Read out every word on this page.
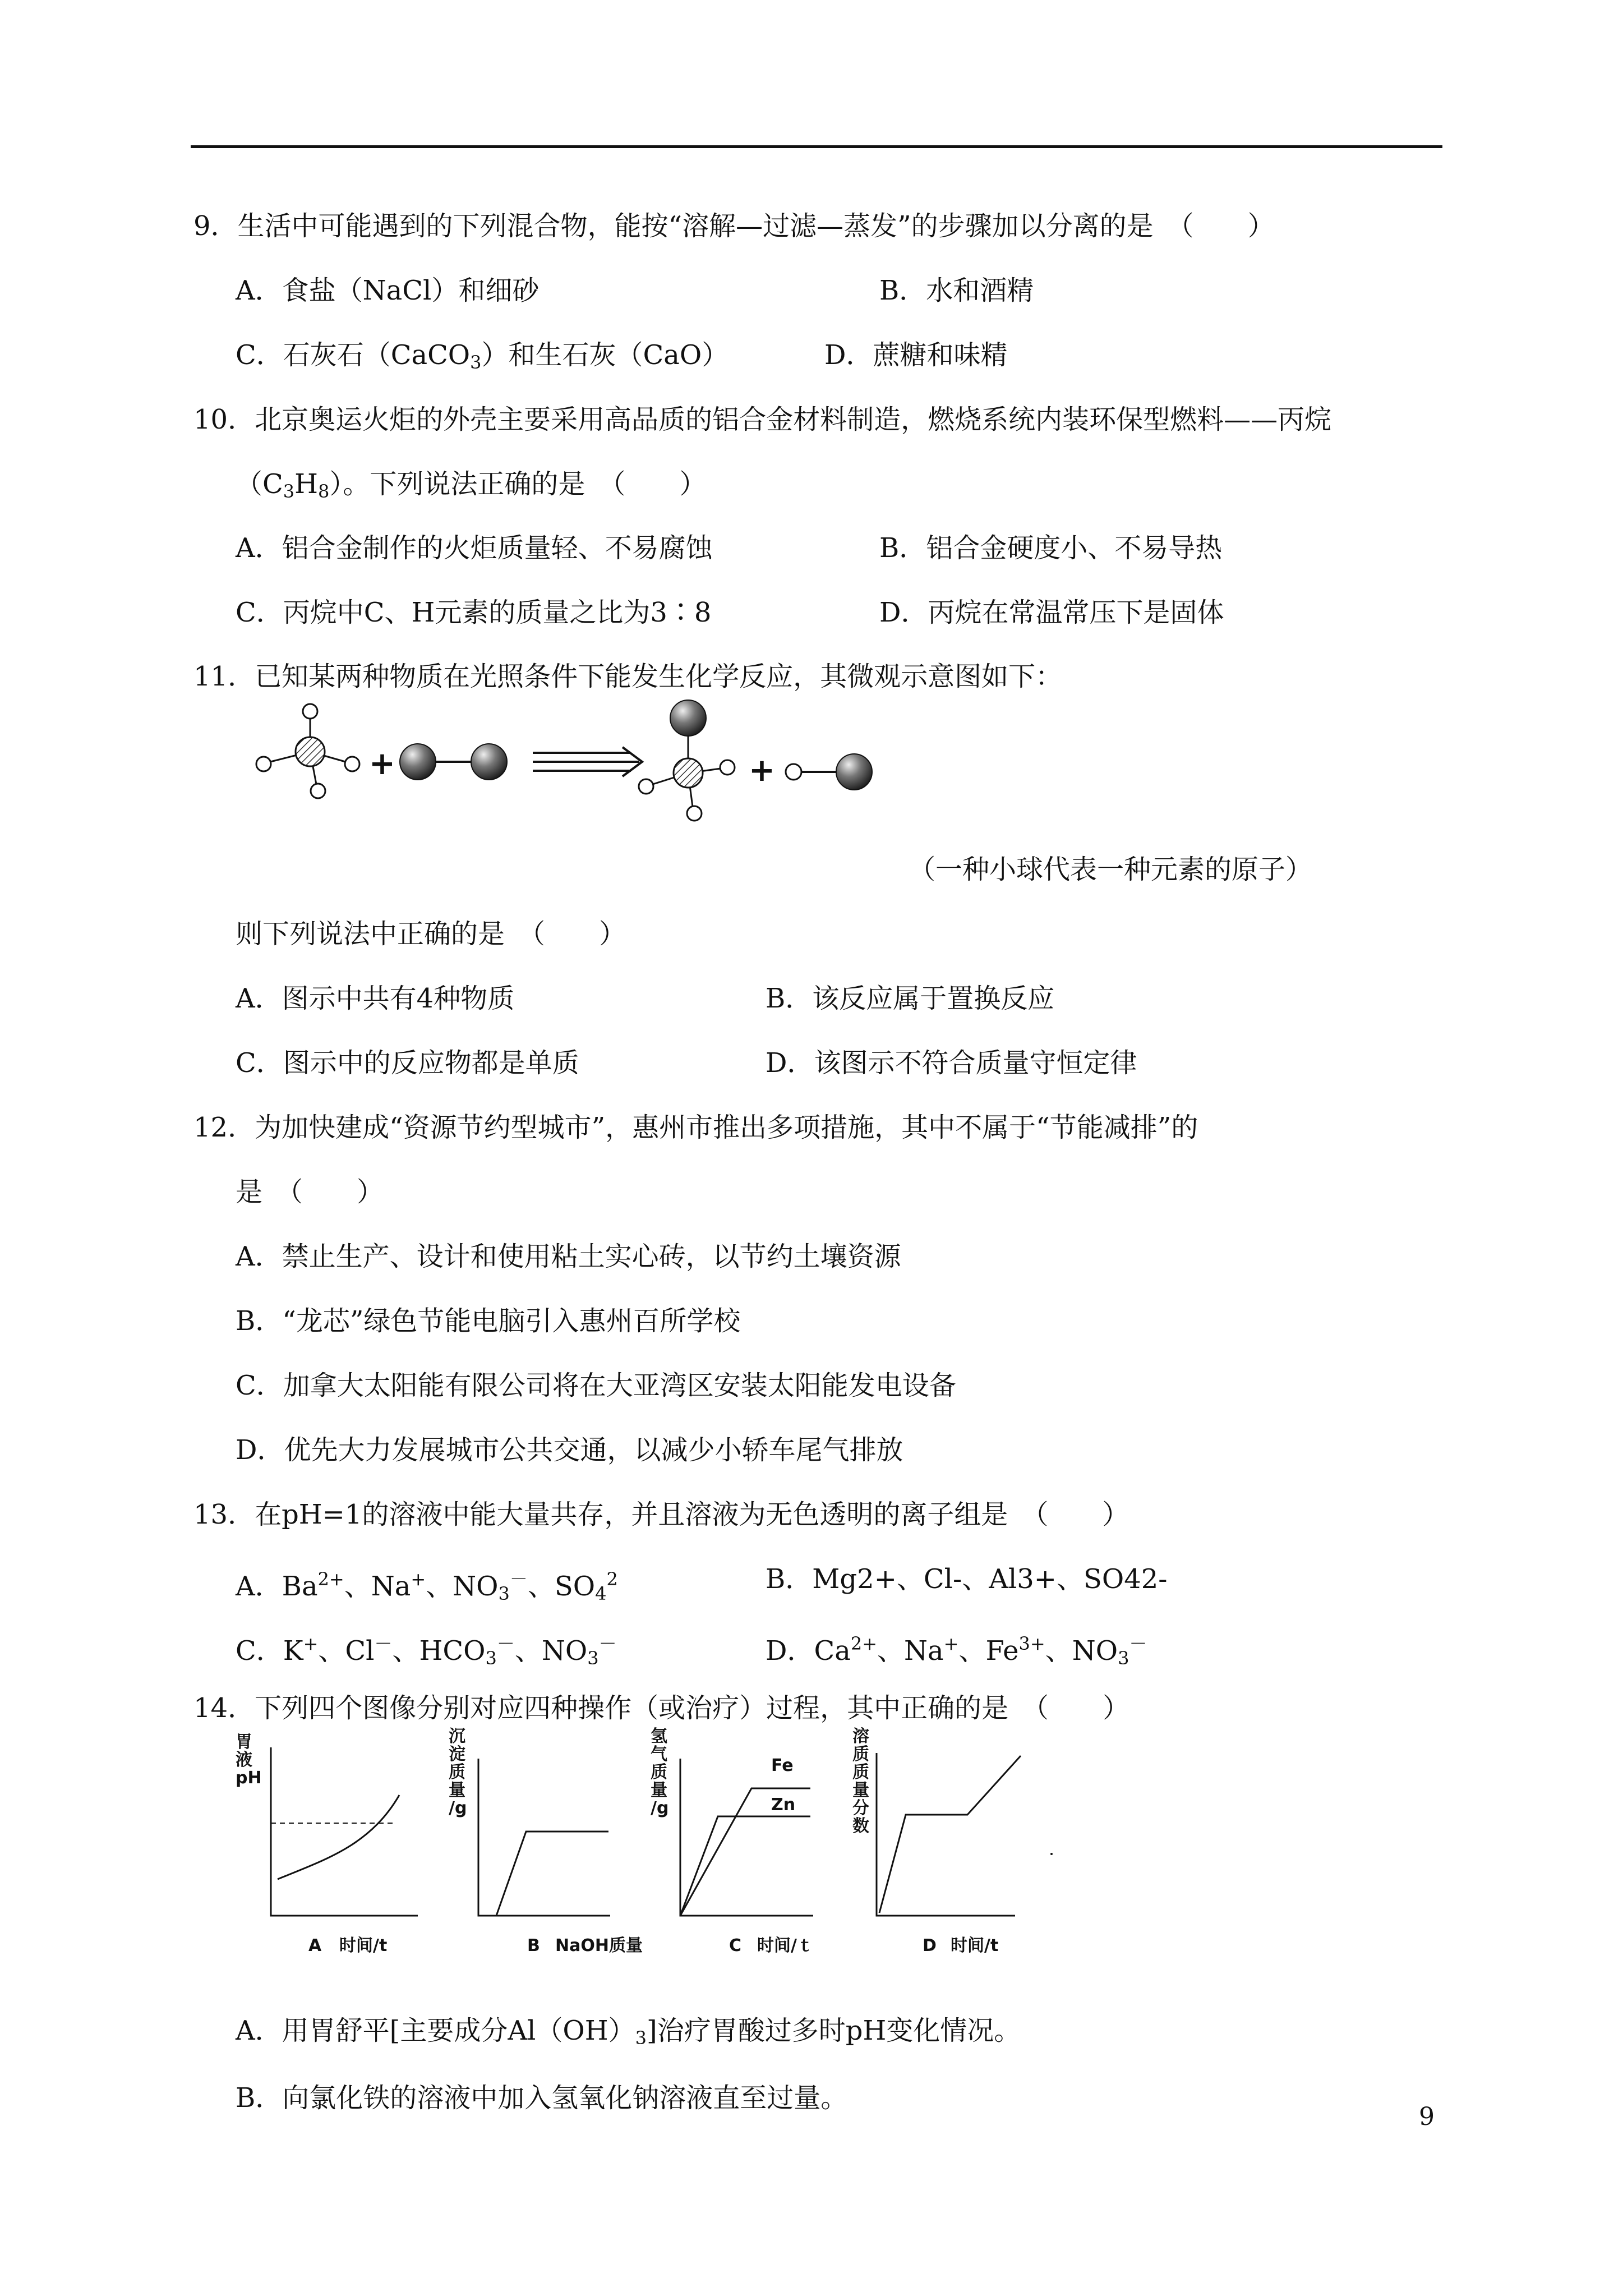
9．生活中可能遇到的下列混合物，能按“溶解—过滤—蒸发”的步骤加以分离的是　（　　）
A．食盐（NaCl）和细砂	B．水和酒精
C．石灰石（CaCO$_3$）和生石灰（CaO）	D．蔗糖和味精
10．北京奥运火炬的外壳主要采用高品质的铝合金材料制造，燃烧系统内装环保型燃料——丙烷
$(C_3H_8)$。下列说法正确的是　（　　）
A．铝合金制作的火炬质量轻、不易腐蚀	B．铝合金硬度小、不易导热
C．丙烷中C、H元素的质量之比为3∶8	D．丙烷在常温常压下是固体
11．已知某两种物质在光照条件下能发生化学反应，其微观示意图如下：
+	+
（一种小球代表一种元素的原子）
则下列说法中正确的是　（　　）
A．图示中共有4种物质	B．该反应属于置换反应
C．图示中的反应物都是单质	D．该图示不符合质量守恒定律
12．为加快建成“资源节约型城市”，惠州市推出多项措施，其中不属于“节能减排”的
是　（　　）
A．禁止生产、设计和使用粘土实心砖，以节约土壤资源
B．“龙芯”绿色节能电脑引入惠州百所学校
C．加拿大太阳能有限公司将在大亚湾区安装太阳能发电设备
D．优先大力发展城市公共交通，以减少小轿车尾气排放
13．在pH=1的溶液中能大量共存，并且溶液为无色透明的离子组是　（　　）
A．$Ba^{2+}$、Na+、$NO_3^-$、$SO_4^2$	B．Mg2+、Cl-、Al3+、SO42-
C．K+、Cl－、$HCO_3^-$、$NO_3^-$	D．$Ca^{2+}$、Na+、$Fe^{3+}$、$NO_3^-$
14．下列四个图像分别对应四种操作（或治疗）过程，其中正确的是　（　　）
胃
液
pH
A 时间/t
沉
淀
质
量
/g
B NaOH质量
氢
气
质
量
/g
Fe
Zn
C 时间/ｔ
溶
质
质
量
分
数
D 时间/t
A．用胃舒平[主要成分$Al(OH)_3$]治疗胃酸过多时pH变化情况。
B．向氯化铁的溶液中加入氢氧化钠溶液直至过量。
9
